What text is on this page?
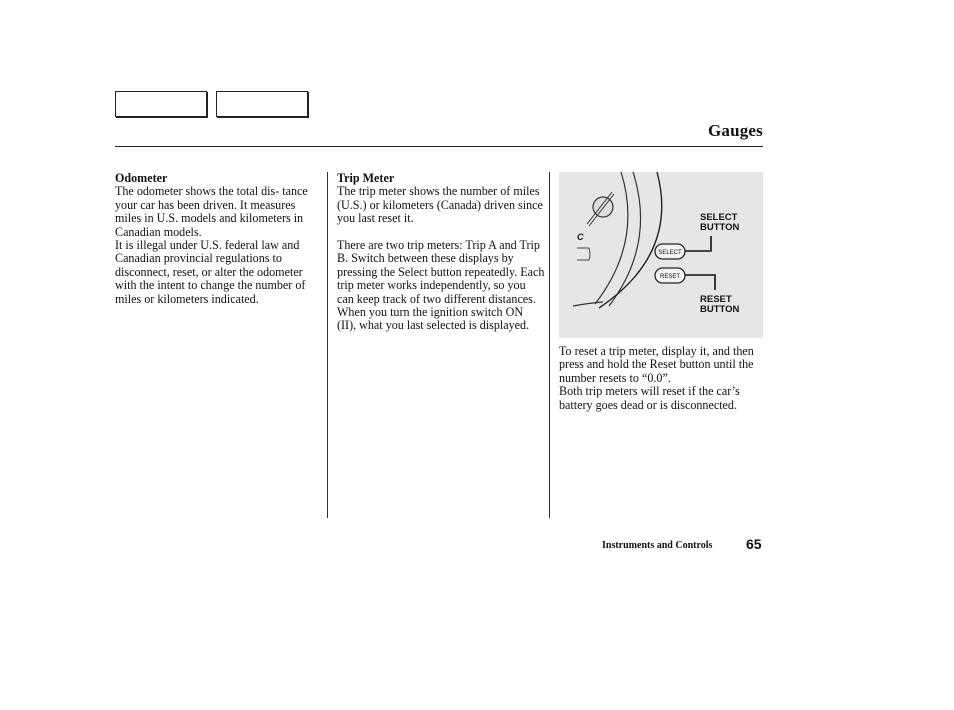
Gauges
Odometer

The odometer shows the total dis- tance your car has been driven. It measures miles in U.S. models and kilometers in Canadian models.

It is illegal under U.S. federal law and Canadian provincial regulations to disconnect, reset, or alter the odometer with the intent to change the number of miles or kilometers indicated.

Trip Meter

The trip meter shows the number of miles (U.S.) or kilometers (Canada) driven since you last reset it.

There are two trip meters: Trip A and Trip B. Switch between these displays by pressing the Select button repeatedly. Each trip meter works independently, so you can keep track of two different distances. When you turn the ignition switch ON (II), what you last selected is displayed.

C
SELECT
RESET
SELECT
BUTTON
RESET
BUTTON

To reset a trip meter, display it, and then press and hold the Reset button until the number resets to “0.0”.

Both trip meters will reset if the car’s battery goes dead or is disconnected.

Instruments and Controls 65
